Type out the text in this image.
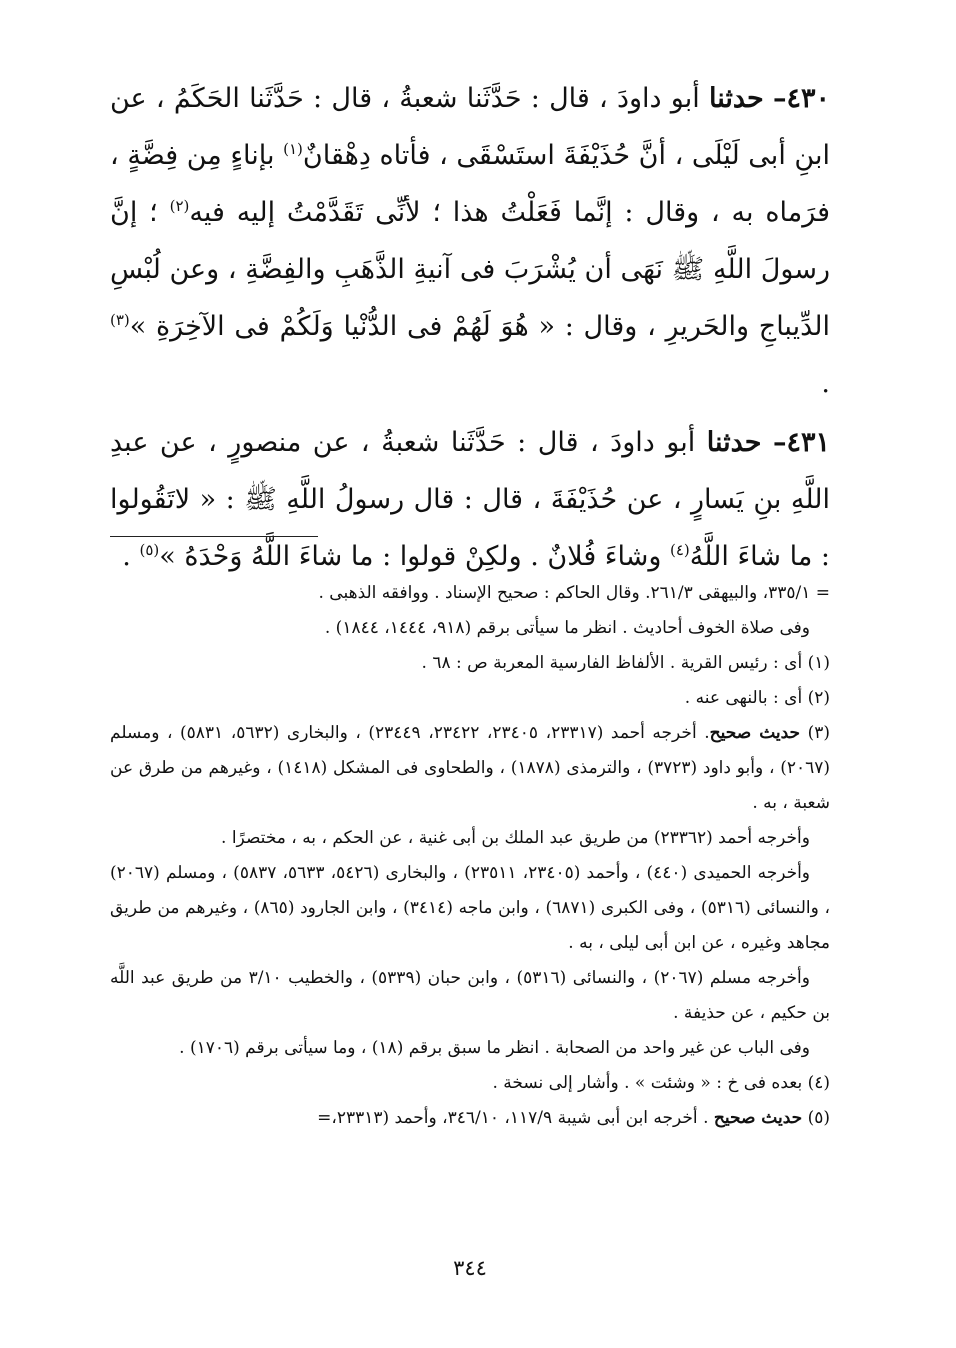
٤٣٠– حدثنا أبو داودَ ، قال : حَدَّثَنا شعبةُ ، قال : حَدَّثَنا الحَكَمُ ، عن ابنِ أبى لَيْلَى ، أنَّ حُذَيْفَةَ استَسْقَى ، فأتاه دِهْقانٌ$^{(١)}$ بإناءٍ مِن فِضَّةٍ ، فرَماه به ، وقال : إنَّما فَعَلْتُ هذا ؛ لأنِّى تَقَدَّمْتُ إليه فيه$^{(٢)}$ ؛ إنَّ رسولَ اللَّهِ ﷺ نَهَى أن يُشْرَبَ فى آنيةِ الذَّهَبِ والفِضَّةِ ، وعن لُبْسِ الدِّيباجِ والحَريرِ ، وقال : « هُوَ لَهُمْ فى الدُّنْيا وَلَكُمْ فى الآخِرَةِ »$^{(٣)}$ .

٤٣١– حدثنا أبو داودَ ، قال : حَدَّثَنا شعبةُ ، عن منصورٍ ، عن عبدِ اللَّهِ بنِ يَسارٍ ، عن حُذَيْفَةَ ، قال : قال رسولُ اللَّهِ ﷺ : « لاتَقُولوا : ما شاءَ اللَّهُ$^{(٤)}$ وشاءَ فُلانٌ . ولكِنْ قولوا : ما شاءَ اللَّهُ وَحْدَهُ »$^{(٥)}$ .

= ٣٣٥/١، والبيهقى ٢٦١/٣. وقال الحاكم : صحيح الإسناد . ووافقه الذهبى .

وفى صلاة الخوف أحاديث . انظر ما سيأتى برقم (٩١٨، ١٤٤٤، ١٨٤٤) .

(١) أى : رئيس القرية . الألفاظ الفارسية المعربة ص : ٦٨ .

(٢) أى : بالنهى عنه .

(٣) حديث صحيح. أخرجه أحمد (٢٣٣١٧، ٢٣٤٠٥، ٢٣٤٢٢، ٢٣٤٤٩) ، والبخارى (٥٦٣٢، ٥٨٣١) ، ومسلم (٢٠٦٧) ، وأبو داود (٣٧٢٣) ، والترمذى (١٨٧٨) ، والطحاوى فى المشكل (١٤١٨) ، وغيرهم من طرق عن شعبة ، به .

وأخرجه أحمد (٢٣٣٦٢) من طريق عبد الملك بن أبى غنية ، عن الحكم ، به ، مختصرًا .

وأخرجه الحميدى (٤٤٠) ، وأحمد (٢٣٤٠٥، ٢٣٥١١) ، والبخارى (٥٤٢٦، ٥٦٣٣، ٥٨٣٧) ، ومسلم (٢٠٦٧) ، والنسائى (٥٣١٦) ، وفى الكبرى (٦٨٧١) ، وابن ماجه (٣٤١٤) ، وابن الجارود (٨٦٥) ، وغيرهم من طريق مجاهد وغيره ، عن ابن أبى ليلى ، به .

وأخرجه مسلم (٢٠٦٧) ، والنسائى (٥٣١٦) ، وابن حبان (٥٣٣٩) ، والخطيب ٣/١٠ من طريق عبد اللَّه بن حكيم ، عن حذيفة .

وفى الباب عن غير واحد من الصحابة . انظر ما سبق برقم (١٨) ، وما سيأتى برقم (١٧٠٦) .

(٤) بعده فى خ : « وشئت » . وأشار إلى نسخة .

(٥) حديث صحيح . أخرجه ابن أبى شيبة ١١٧/٩، ٣٤٦/١٠، وأحمد (٢٣٣١٣،=

٣٤٤
